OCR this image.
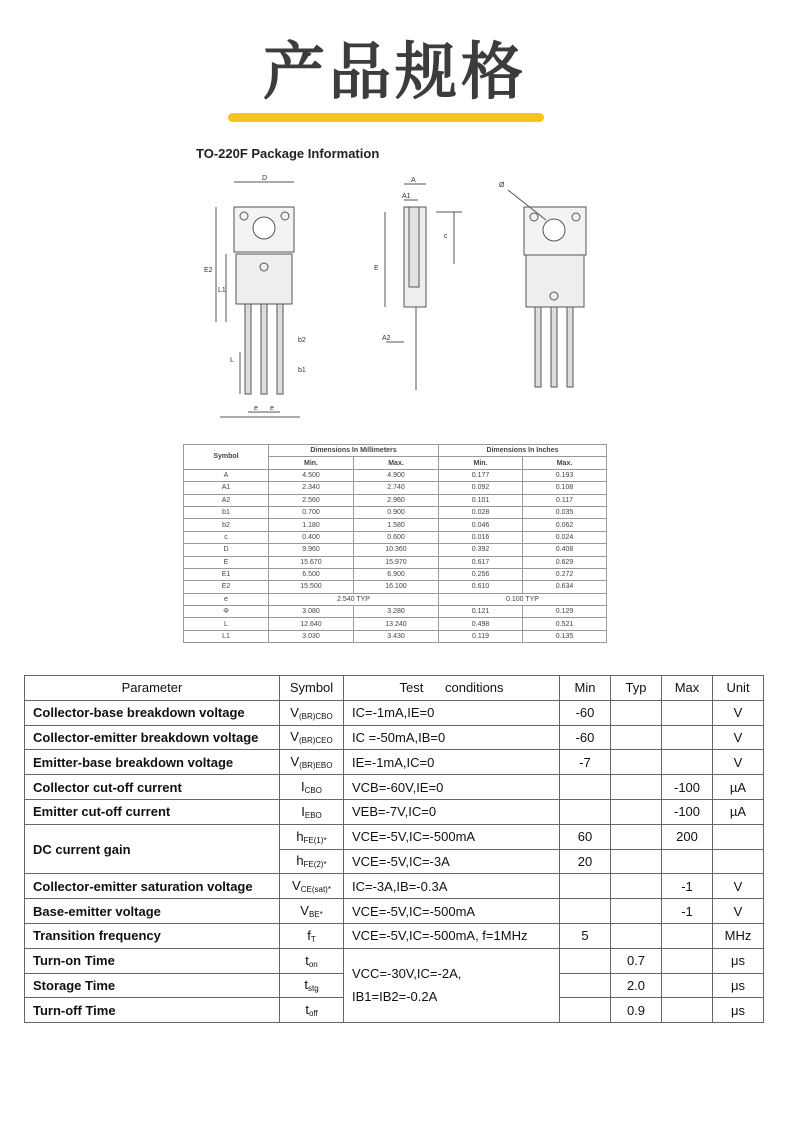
产品规格
TO-220F Package Information
D
E2
L1
L
b2
b1
e e
A
A1
c
E
A2
Ø
Symbol	Dimensions In Millimeters		Dimensions In Inches	
	Min.	Max.	Min.	Max.
A	4.500	4.900	0.177	0.193
A1	2.340	2.740	0.092	0.108
A2	2.560	2.960	0.101	0.117
b1	0.700	0.900	0.028	0.035
b2	1.180	1.580	0.046	0.062
c	0.400	0.600	0.016	0.024
D	9.960	10.360	0.392	0.408
E	15.670	15.970	0.617	0.629
E1	6.500	6.900	0.256	0.272
E2	15.500	16.100	0.610	0.634
e	2.540 TYP		0.100 TYP	
Φ	3.080	3.280	0.121	0.129
L	12.640	13.240	0.498	0.521
L1	3.030	3.430	0.119	0.135
Parameter	Symbol	Test conditions	Min	Typ	Max	Unit
Collector-base breakdown voltage	$V_{(BR)CBO}$	IC=-1mA,IE=0	-60			V
Collector-emitter breakdown voltage	$V_{(BR)CEO}$	IC =-50mA,IB=0	-60			V
Emitter-base breakdown voltage	$V_{(BR)EBO}$	IE=-1mA,IC=0	-7			V
Collector cut-off current	$I_{CBO}$	VCB=-60V,IE=0			-100	µA
Emitter cut-off current	$I_{EBO}$	VEB=-7V,IC=0			-100	µA
DC current gain	$h_{FE(1)*}$	VCE=-5V,IC=-500mA	60		200	
	$h_{FE(2)*}$	VCE=-5V,IC=-3A	20			
Collector-emitter saturation voltage	$V_{CE(sat)*}$	IC=-3A,IB=-0.3A			-1	V
Base-emitter voltage	$V_{BE*}$	VCE=-5V,IC=-500mA			-1	V
Transition frequency	$f_T$	VCE=-5V,IC=-500mA, f=1MHz	5			MHz
Turn-on Time	$t_{on}$	VCC=-30V,IC=-2A,
IB1=IB2=-0.2A		0.7		μs
Storage Time	$t_{stg}$			2.0		μs
Turn-off Time	$t_{off}$			0.9		μs
